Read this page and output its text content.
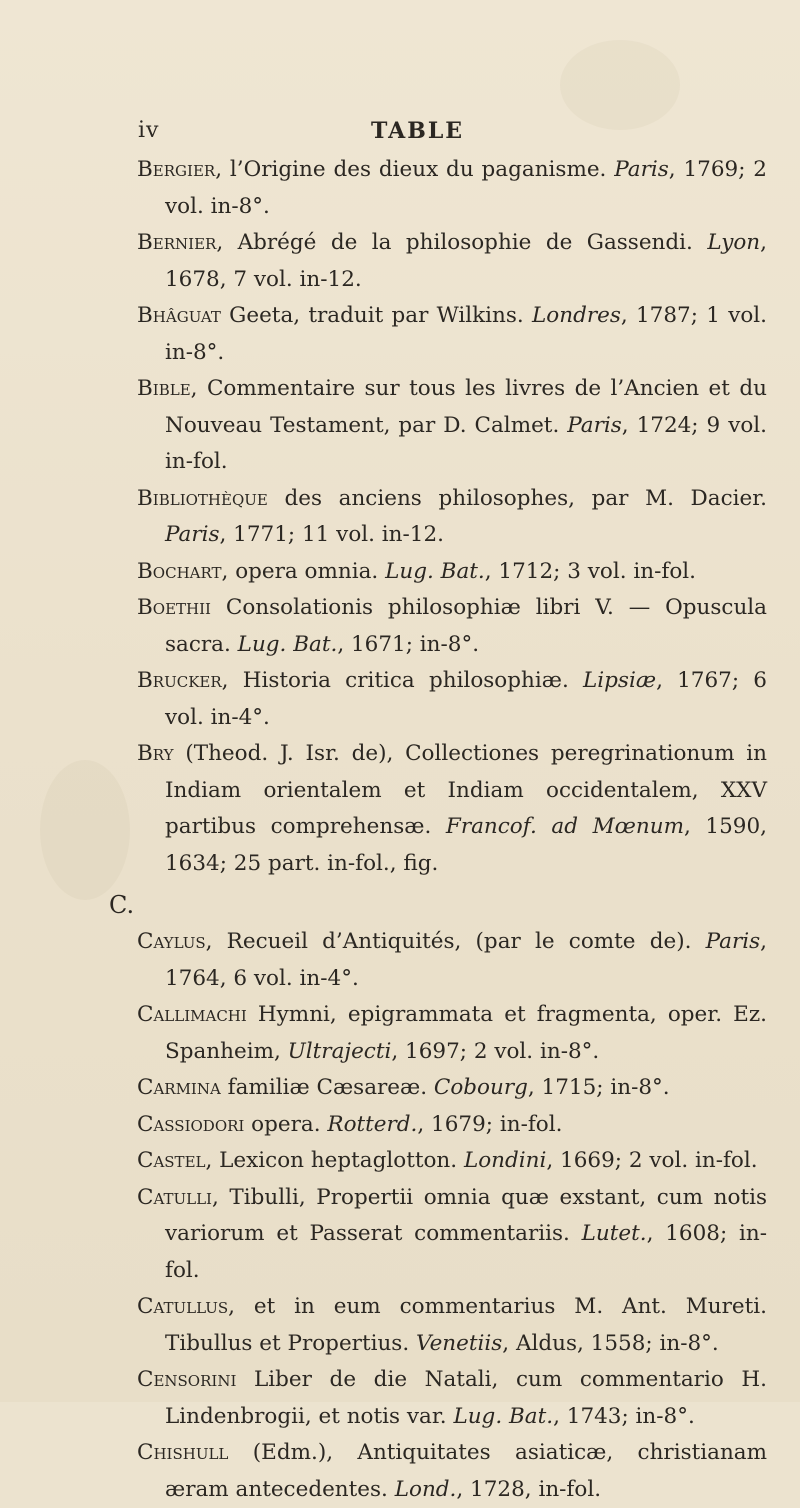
iv	TABLE

Bergier, l’Origine des dieux du paganisme. Paris, 1769; 2 vol. in-8°.

Bernier, Abrégé de la philosophie de Gassendi. Lyon, 1678, 7 vol. in-12.

Bhâguat Geeta, traduit par Wilkins. Londres, 1787; 1 vol. in-8°.

Bible, Commentaire sur tous les livres de l’Ancien et du Nouveau Testament, par D. Calmet. Paris, 1724; 9 vol. in-fol.

Bibliothèque des anciens philosophes, par M. Dacier. Paris, 1771; 11 vol. in-12.

Bochart, opera omnia. Lug. Bat., 1712; 3 vol. in-fol.

Boethii Consolationis philosophiæ libri V. — Opuscula sacra. Lug. Bat., 1671; in-8°.

Brucker, Historia critica philosophiæ. Lipsiæ, 1767; 6 vol. in-4°.

Bry (Theod. J. Isr. de), Collectiones peregrinationum in Indiam orientalem et Indiam occidentalem, XXV partibus comprehensæ. Francof. ad Mœnum, 1590, 1634; 25 part. in-fol., fig.

C.

Caylus, Recueil d’Antiquités, (par le comte de). Paris, 1764, 6 vol. in-4°.

Callimachi Hymni, epigrammata et fragmenta, oper. Ez. Spanheim, Ultrajecti, 1697; 2 vol. in-8°.

Carmina familiæ Cæsareæ. Cobourg, 1715; in-8°.

Cassiodori opera. Rotterd., 1679; in-fol.

Castel, Lexicon heptaglotton. Londini, 1669; 2 vol. in-fol.

Catulli, Tibulli, Propertii omnia quæ exstant, cum notis variorum et Passerat commentariis. Lutet., 1608; in-fol.

Catullus, et in eum commentarius M. Ant. Mureti. Tibullus et Propertius. Venetiis, Aldus, 1558; in-8°.

Censorini Liber de die Natali, cum commentario H. Lindenbrogii, et notis var. Lug. Bat., 1743; in-8°.

Chishull (Edm.), Antiquitates asiaticæ, christianam æram antecedentes. Lond., 1728, in-fol.
